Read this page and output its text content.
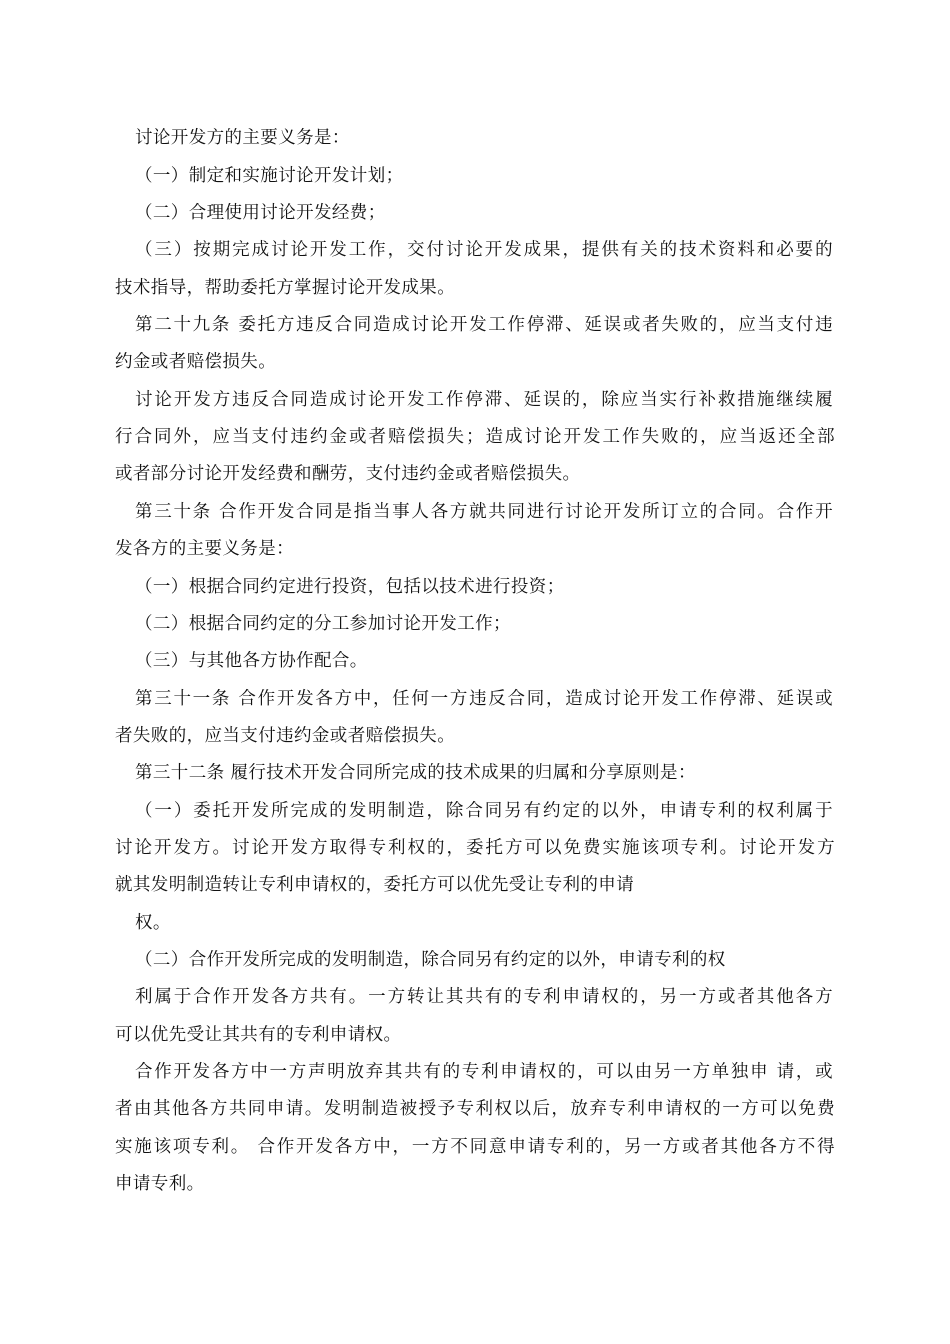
讨论开发方的主要义务是：
（一）制定和实施讨论开发计划；
（二）合理使用讨论开发经费；
（三）按期完成讨论开发工作，交付讨论开发成果，提供有关的技术资料和必要的
技术指导，帮助委托方掌握讨论开发成果。
第二十九条 委托方违反合同造成讨论开发工作停滞、延误或者失败的，应当支付违
约金或者赔偿损失。
讨论开发方违反合同造成讨论开发工作停滞、延误的，除应当实行补救措施继续履
行合同外，应当支付违约金或者赔偿损失；造成讨论开发工作失败的，应当返还全部
或者部分讨论开发经费和酬劳，支付违约金或者赔偿损失。
第三十条 合作开发合同是指当事人各方就共同进行讨论开发所订立的合同。合作开
发各方的主要义务是：
（一）根据合同约定进行投资，包括以技术进行投资；
（二）根据合同约定的分工参加讨论开发工作；
（三）与其他各方协作配合。
第三十一条 合作开发各方中，任何一方违反合同，造成讨论开发工作停滞、延误或
者失败的，应当支付违约金或者赔偿损失。
第三十二条 履行技术开发合同所完成的技术成果的归属和分享原则是：
（一）委托开发所完成的发明制造，除合同另有约定的以外，申请专利的权利属于
讨论开发方。讨论开发方取得专利权的，委托方可以免费实施该项专利。讨论开发方
就其发明制造转让专利申请权的，委托方可以优先受让专利的申请
权。
（二）合作开发所完成的发明制造，除合同另有约定的以外，申请专利的权
利属于合作开发各方共有。一方转让其共有的专利申请权的，另一方或者其他各方
可以优先受让其共有的专利申请权。
合作开发各方中一方声明放弃其共有的专利申请权的，可以由另一方单独申 请，或
者由其他各方共同申请。发明制造被授予专利权以后，放弃专利申请权的一方可以免费
实施该项专利。 合作开发各方中，一方不同意申请专利的，另一方或者其他各方不得
申请专利。
